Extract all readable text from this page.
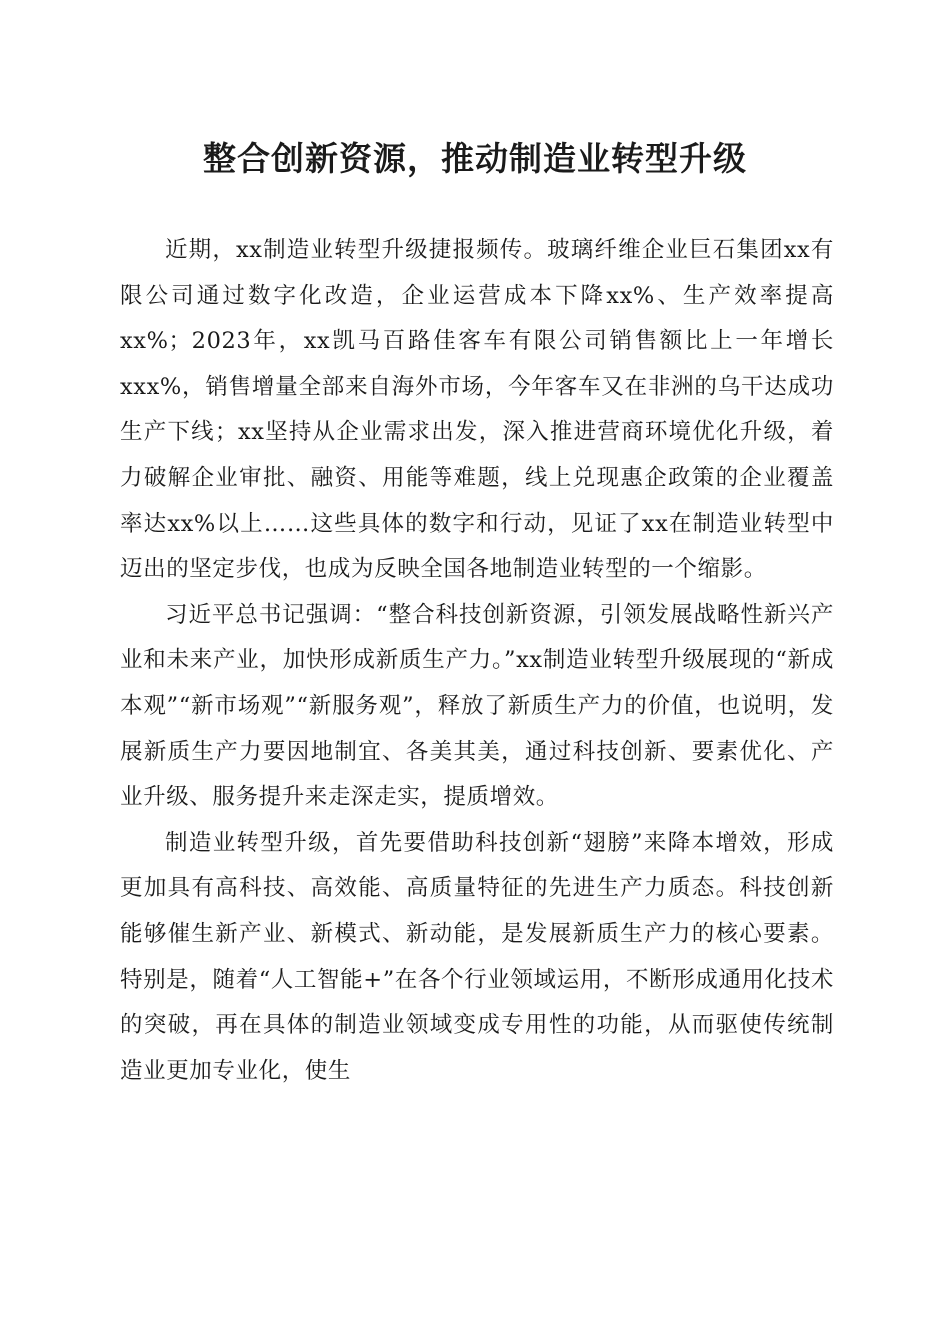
整合创新资源，推动制造业转型升级

近期，xx制造业转型升级捷报频传。玻璃纤维企业巨石集团xx有限公司通过数字化改造，企业运营成本下降xx%、生产效率提高xx%；2023年，xx凯马百路佳客车有限公司销售额比上一年增长xxx%，销售增量全部来自海外市场，今年客车又在非洲的乌干达成功生产下线；xx坚持从企业需求出发，深入推进营商环境优化升级，着力破解企业审批、融资、用能等难题，线上兑现惠企政策的企业覆盖率达xx%以上……这些具体的数字和行动，见证了xx在制造业转型中迈出的坚定步伐，也成为反映全国各地制造业转型的一个缩影。

习近平总书记强调：“整合科技创新资源，引领发展战略性新兴产业和未来产业，加快形成新质生产力。”xx制造业转型升级展现的“新成本观”“新市场观”“新服务观”，释放了新质生产力的价值，也说明，发展新质生产力要因地制宜、各美其美，通过科技创新、要素优化、产业升级、服务提升来走深走实，提质增效。

制造业转型升级，首先要借助科技创新“翅膀”来降本增效，形成更加具有高科技、高效能、高质量特征的先进生产力质态。科技创新能够催生新产业、新模式、新动能，是发展新质生产力的核心要素。特别是，随着“人工智能+”在各个行业领域运用，不断形成通用化技术的突破，再在具体的制造业领域变成专用性的功能，从而驱使传统制造业更加专业化，使生
